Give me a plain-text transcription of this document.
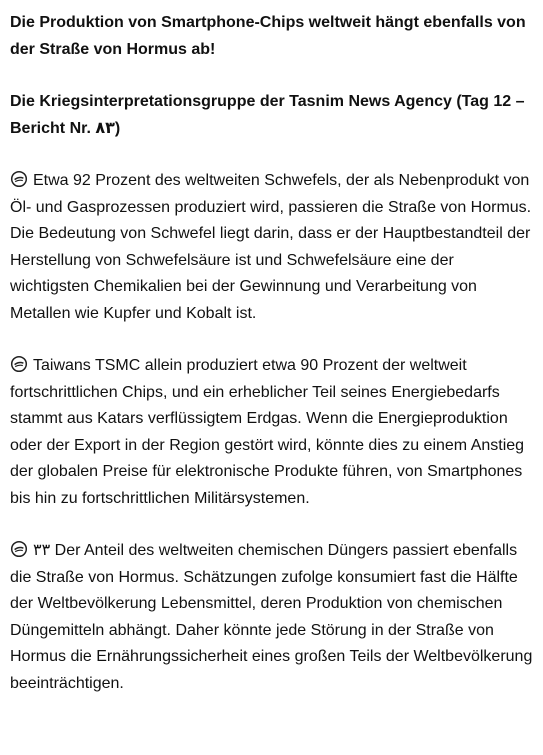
Die Produktion von Smartphone-Chips weltweit hängt ebenfalls von der Straße von Hormus ab!

Die Kriegsinterpretationsgruppe der Tasnim News Agency (Tag 12 – Bericht Nr. ۸۳)

Etwa 92 Prozent des weltweiten Schwefels, der als Nebenprodukt von Öl- und Gasprozessen produziert wird, passieren die Straße von Hormus. Die Bedeutung von Schwefel liegt darin, dass er der Hauptbestandteil der Herstellung von Schwefelsäure ist und Schwefelsäure eine der wichtigsten Chemikalien bei der Gewinnung und Verarbeitung von Metallen wie Kupfer und Kobalt ist.

Taiwans TSMC allein produziert etwa 90 Prozent der weltweit fortschrittlichen Chips, und ein erheblicher Teil seines Energiebedarfs stammt aus Katars verflüssigtem Erdgas. Wenn die Energieproduktion oder der Export in der Region gestört wird, könnte dies zu einem Anstieg der globalen Preise für elektronische Produkte führen, von Smartphones bis hin zu fortschrittlichen Militärsystemen.

۳۳ Der Anteil des weltweiten chemischen Düngers passiert ebenfalls die Straße von Hormus. Schätzungen zufolge konsumiert fast die Hälfte der Weltbevölkerung Lebensmittel, deren Produktion von chemischen Düngemitteln abhängt. Daher könnte jede Störung in der Straße von Hormus die Ernährungssicherheit eines großen Teils der Weltbevölkerung beeinträchtigen.
